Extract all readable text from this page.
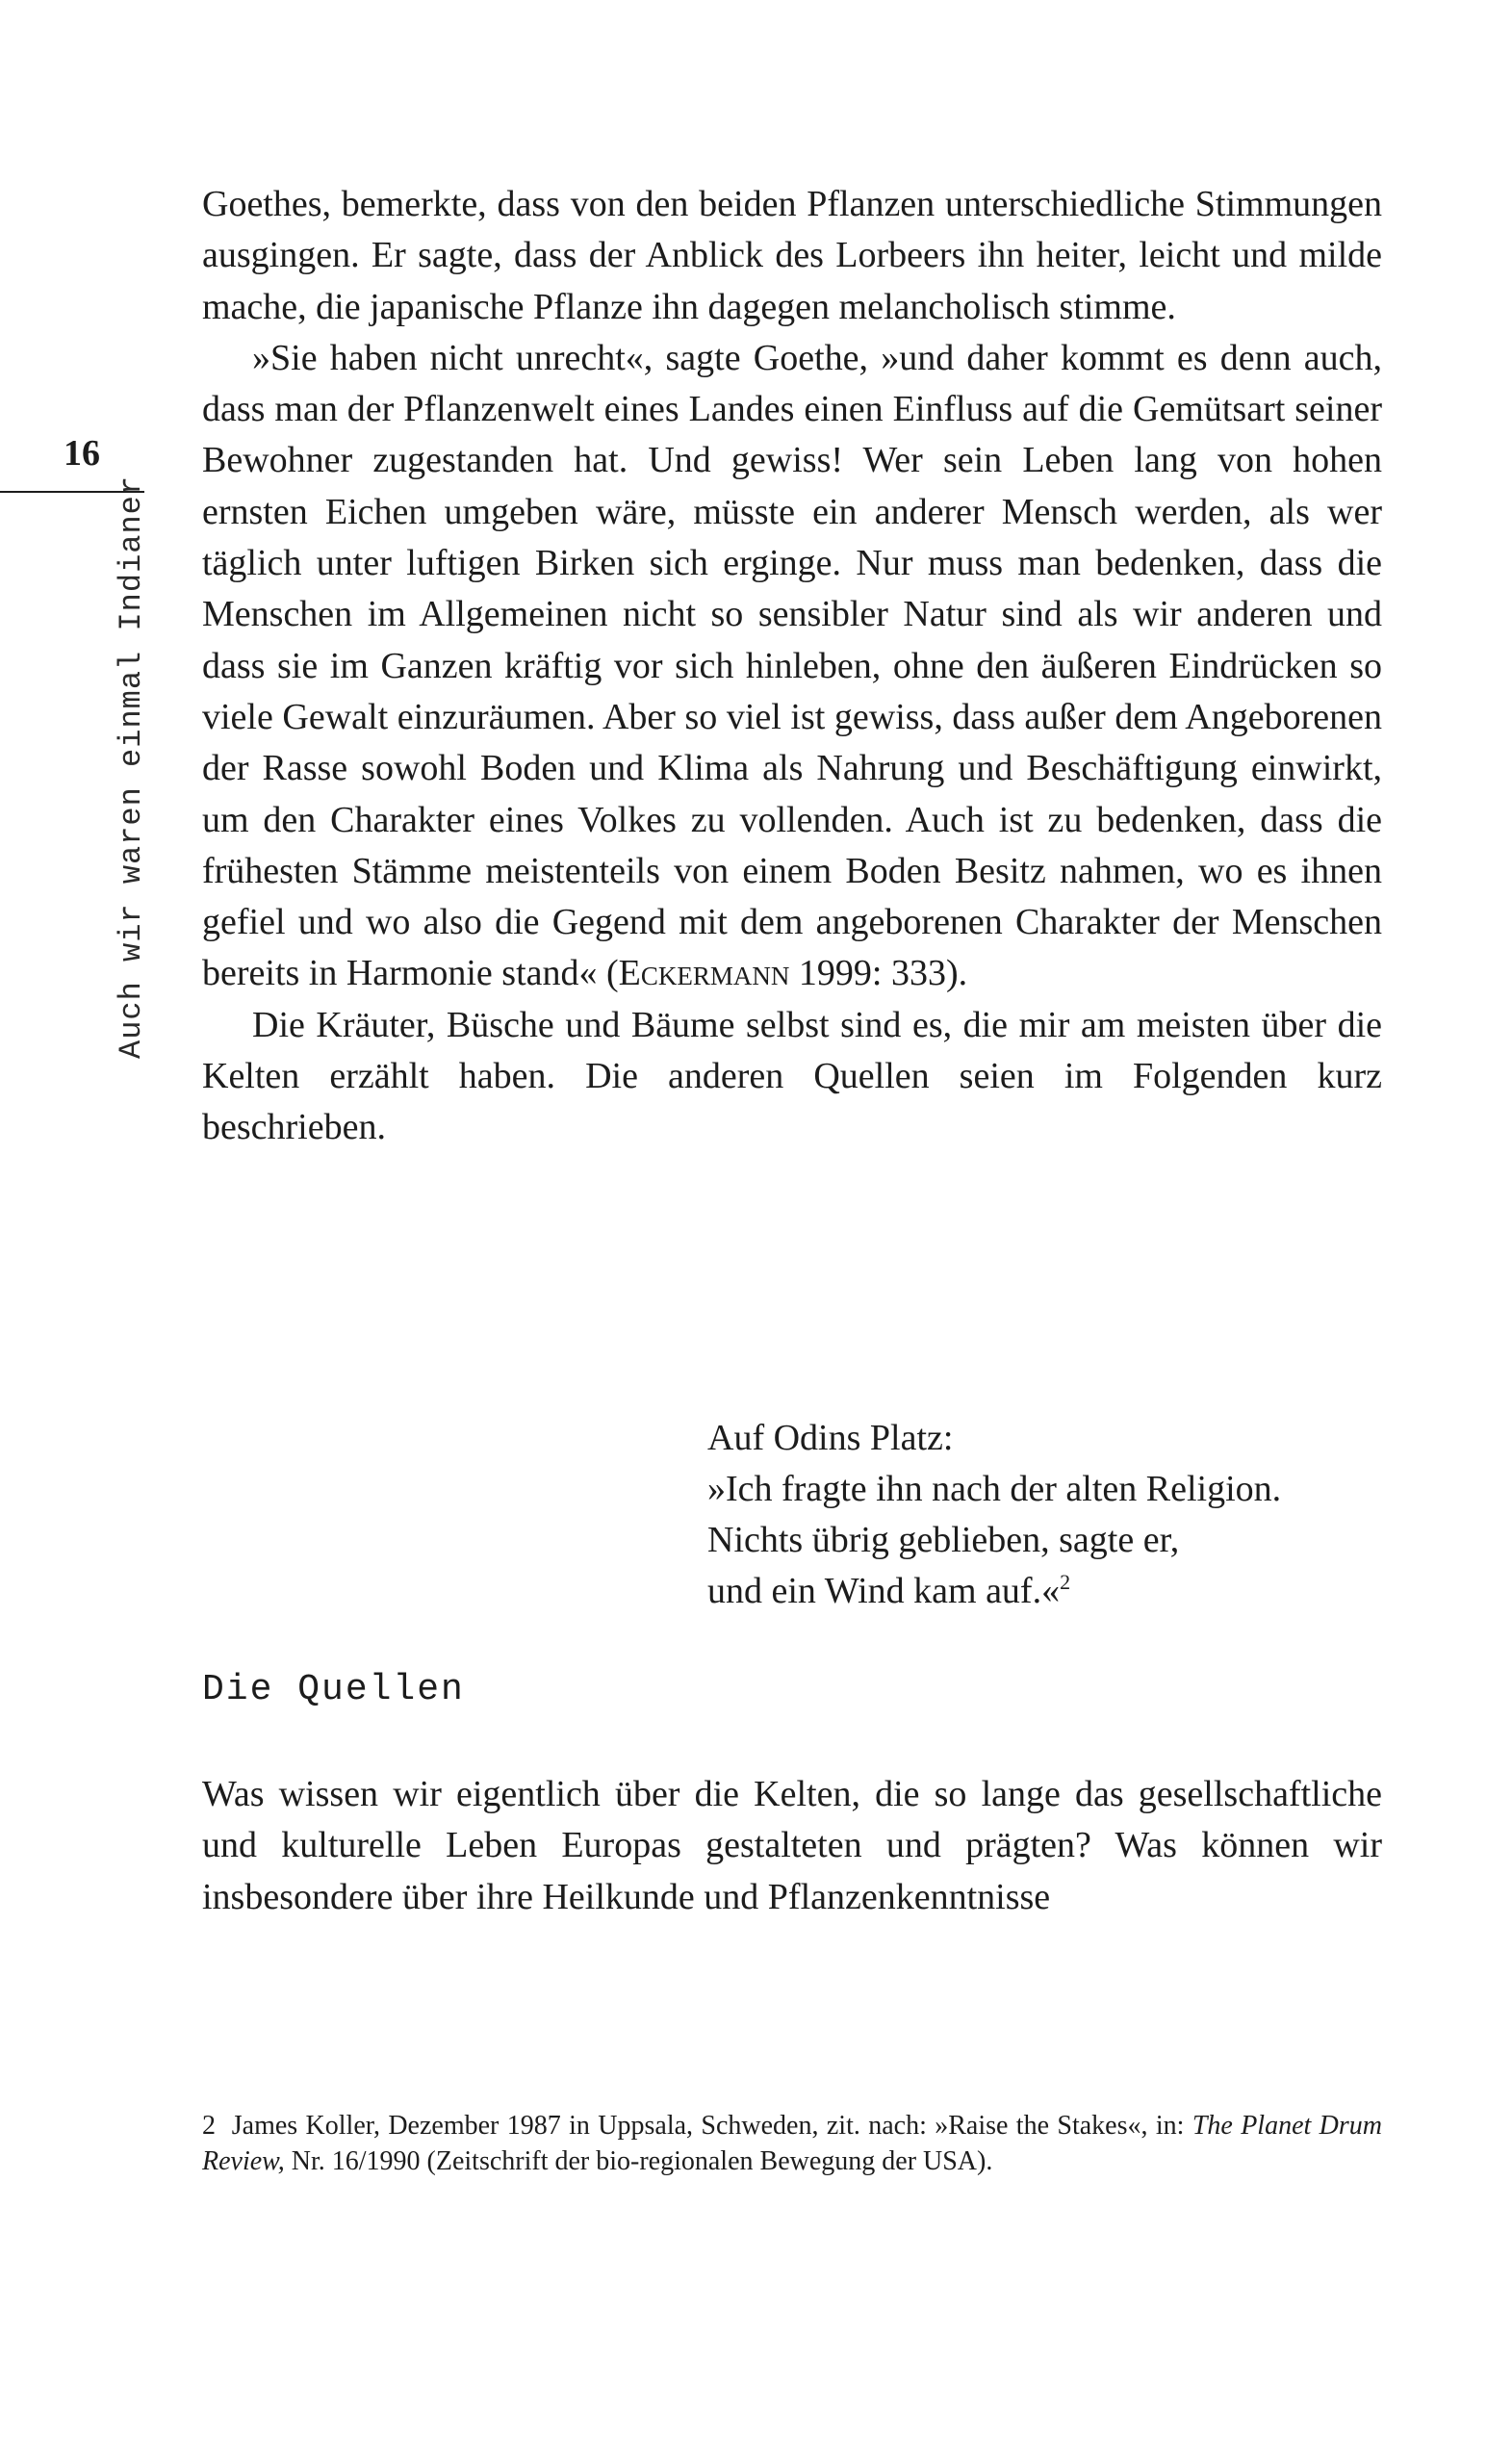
16
Auch wir waren einmal Indianer

Goethes, bemerkte, dass von den beiden Pflanzen unterschiedliche Stimmungen ausgingen. Er sagte, dass der Anblick des Lorbeers ihn heiter, leicht und milde mache, die japanische Pflanze ihn dagegen melancholisch stimme.

»Sie haben nicht unrecht«, sagte Goethe, »und daher kommt es denn auch, dass man der Pflanzenwelt eines Landes einen Einfluss auf die Gemütsart seiner Bewohner zugestanden hat. Und gewiss! Wer sein Leben lang von hohen ernsten Eichen umgeben wäre, müsste ein anderer Mensch werden, als wer täglich unter luftigen Birken sich erginge. Nur muss man bedenken, dass die Menschen im Allgemeinen nicht so sensibler Natur sind als wir anderen und dass sie im Ganzen kräftig vor sich hinleben, ohne den äußeren Eindrücken so viele Gewalt einzuräumen. Aber so viel ist gewiss, dass außer dem Angeborenen der Rasse sowohl Boden und Klima als Nahrung und Beschäftigung einwirkt, um den Charakter eines Volkes zu vollenden. Auch ist zu bedenken, dass die frühesten Stämme meistenteils von einem Boden Besitz nahmen, wo es ihnen gefiel und wo also die Gegend mit dem angeborenen Charakter der Menschen bereits in Harmonie stand« (Eckermann 1999: 333).

Die Kräuter, Büsche und Bäume selbst sind es, die mir am meisten über die Kelten erzählt haben. Die anderen Quellen seien im Folgenden kurz beschrieben.

Auf Odins Platz:
»Ich fragte ihn nach der alten Religion.
Nichts übrig geblieben, sagte er,
und ein Wind kam auf.«$^2$
Die Quellen

Was wissen wir eigentlich über die Kelten, die so lange das gesellschaftliche und kulturelle Leben Europas gestalteten und prägten? Was können wir insbesondere über ihre Heilkunde und Pflanzenkenntnisse

2 James Koller, Dezember 1987 in Uppsala, Schweden, zit. nach: »Raise the Stakes«, in: The Planet Drum Review, Nr. 16/1990 (Zeitschrift der bio-regionalen Bewegung der USA).
